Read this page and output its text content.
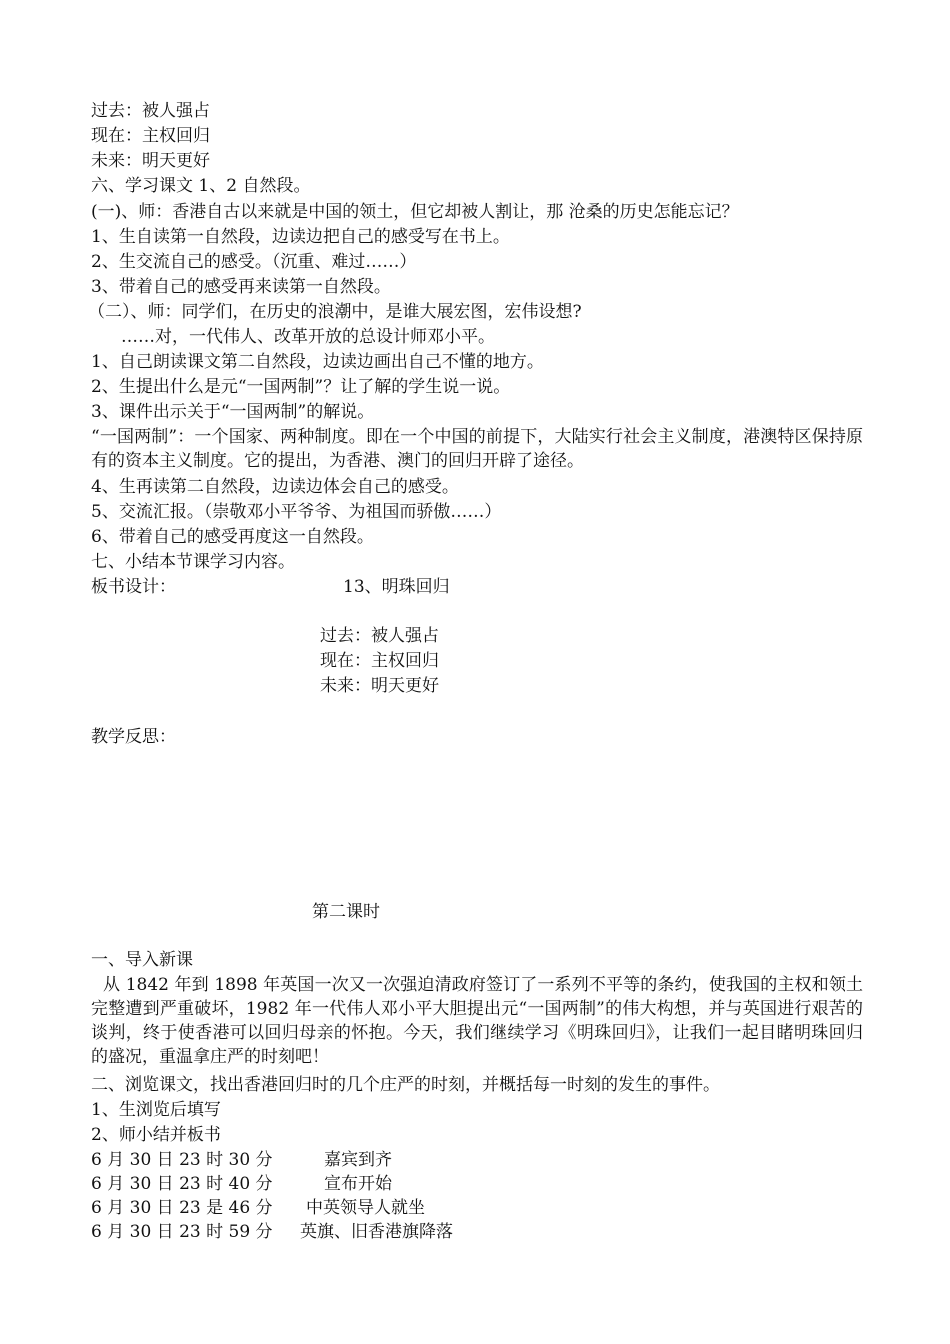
过去：被人强占
现在：主权回归
未来：明天更好
六、学习课文 1、2 自然段。
(一)、师：香港自古以来就是中国的领土，但它却被人割让，那 沧桑的历史怎能忘记？
1、生自读第一自然段，边读边把自己的感受写在书上。
2、生交流自己的感受。（沉重、难过……）
3、带着自己的感受再来读第一自然段。
（二）、师：同学们，在历史的浪潮中，是谁大展宏图，宏伟设想?
……对，一代伟人、改革开放的总设计师邓小平。
1、自己朗读课文第二自然段，边读边画出自己不懂的地方。
2、生提出什么是元“一国两制”？让了解的学生说一说。
3、课件出示关于“一国两制”的解说。
“一国两制”：一个国家、两种制度。即在一个中国的前提下，大陆实行社会主义制度，港澳特区保持原有的资本主义制度。它的提出，为香港、澳门的回归开辟了途径。
4、生再读第二自然段，边读边体会自己的感受。
5、交流汇报。（崇敬邓小平爷爷、为祖国而骄傲……）
6、带着自己的感受再度这一自然段。
七、小结本节课学习内容。
板书设计：	13、明珠回归
过去：被人强占
现在：主权回归
未来：明天更好
教学反思：
第二课时
一、导入新课
从 1842 年到 1898 年英国一次又一次强迫清政府签订了一系列不平等的条约，使我国的主权和领土完整遭到严重破坏，1982 年一代伟人邓小平大胆提出元“一国两制”的伟大构想，并与英国进行艰苦的谈判，终于使香港可以回归母亲的怀抱。今天，我们继续学习《明珠回归》，让我们一起目睹明珠回归的盛况，重温拿庄严的时刻吧！
二、浏览课文，找出香港回归时的几个庄严的时刻，并概括每一时刻的发生的事件。
1、生浏览后填写
2、师小结并板书
6 月 30 日 23 时 30 分	嘉宾到齐
6 月 30 日 23 时 40 分	宣布开始
6 月 30 日 23 是 46 分 中英领导人就坐
6 月 30 日 23 时 59 分 英旗、旧香港旗降落
